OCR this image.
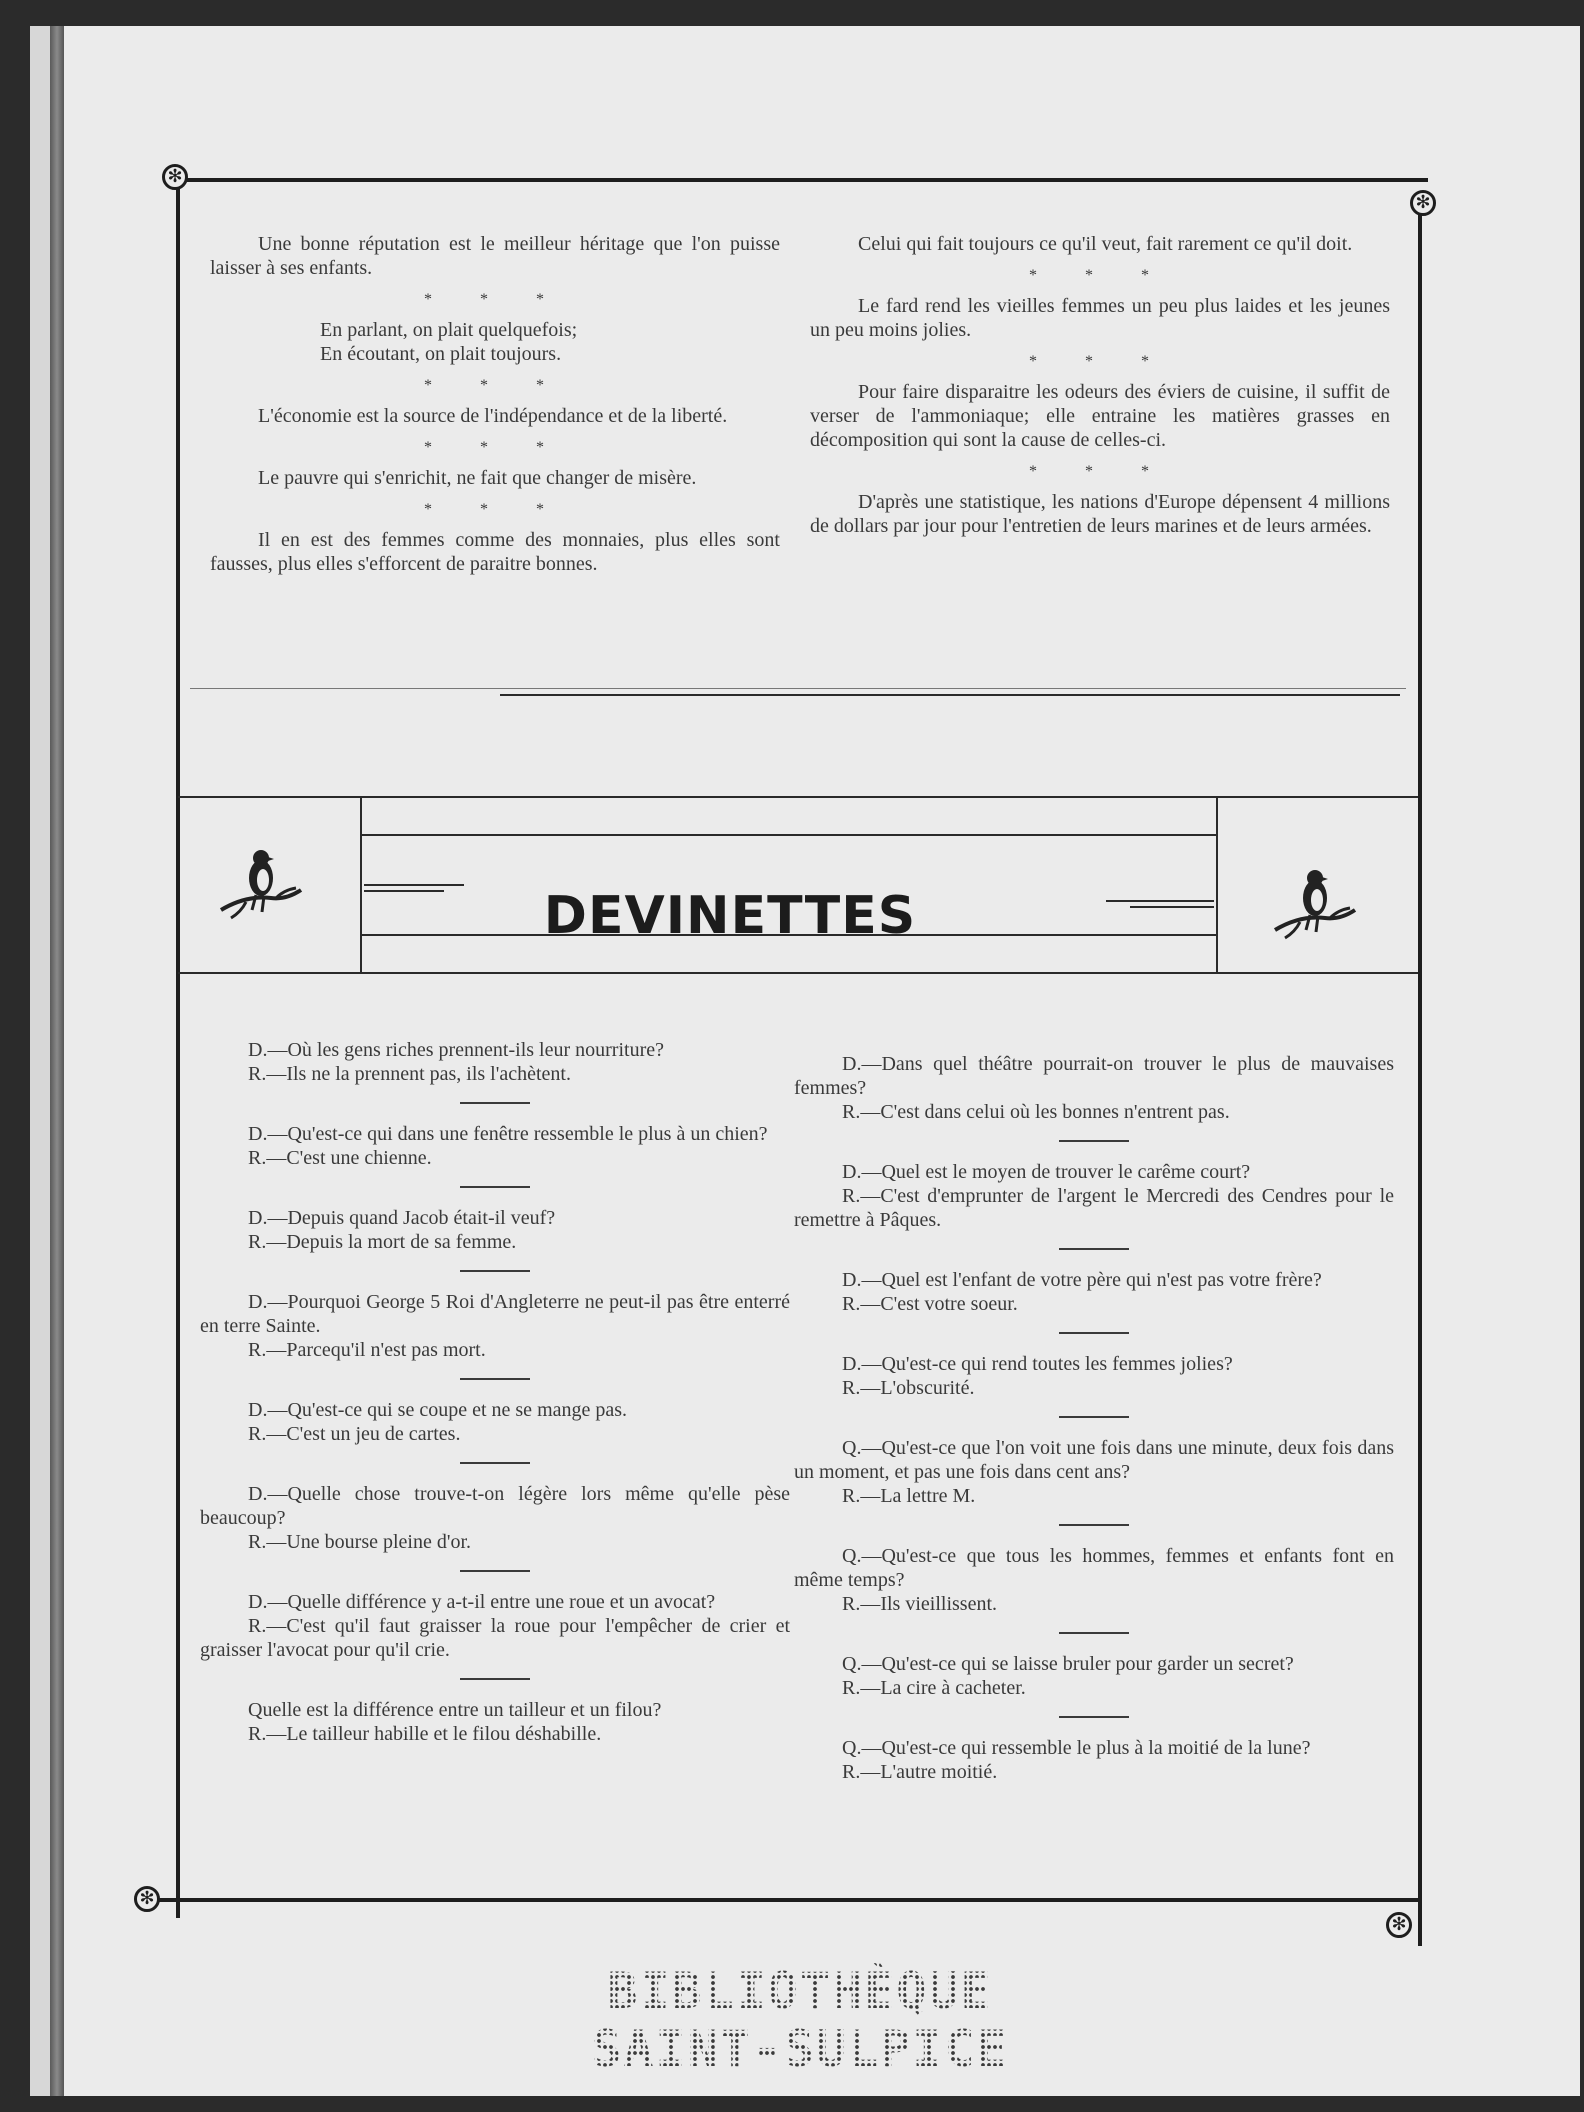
✻
✻
✻
✻

Une bonne réputation est le meilleur héritage que l'on puisse laisser à ses enfants.

* * *
En parlant, on plait quelquefois;
En écoutant, on plait toujours.
* * *

L'économie est la source de l'indépendance et de la liberté.

* * *

Le pauvre qui s'enrichit, ne fait que changer de misère.

* * *

Il en est des femmes comme des monnaies, plus elles sont fausses, plus elles s'efforcent de paraitre bonnes.

Celui qui fait toujours ce qu'il veut, fait rarement ce qu'il doit.

* * *

Le fard rend les vieilles femmes un peu plus laides et les jeunes un peu moins jolies.

* * *

Pour faire disparaitre les odeurs des éviers de cuisine, il suffit de verser de l'ammoniaque; elle entraine les matières grasses en décomposition qui sont la cause de celles-ci.

* * *

D'après une statistique, les nations d'Europe dépensent 4 millions de dollars par jour pour l'entretien de leurs marines et de leurs armées.

DEVINETTES

D.—Où les gens riches prennent-ils leur nourriture?

R.—Ils ne la prennent pas, ils l'achètent.

D.—Qu'est-ce qui dans une fenêtre ressemble le plus à un chien?

R.—C'est une chienne.

D.—Depuis quand Jacob était-il veuf?

R.—Depuis la mort de sa femme.

D.—Pourquoi George 5 Roi d'Angleterre ne peut-il pas être enterré en terre Sainte.

R.—Parcequ'il n'est pas mort.

D.—Qu'est-ce qui se coupe et ne se mange pas.

R.—C'est un jeu de cartes.

D.—Quelle chose trouve-t-on légère lors même qu'elle pèse beaucoup?

R.—Une bourse pleine d'or.

D.—Quelle différence y a-t-il entre une roue et un avocat?

R.—C'est qu'il faut graisser la roue pour l'empêcher de crier et graisser l'avocat pour qu'il crie.

Quelle est la différence entre un tailleur et un filou?

R.—Le tailleur habille et le filou déshabille.

D.—Dans quel théâtre pourrait-on trouver le plus de mauvaises femmes?

R.—C'est dans celui où les bonnes n'entrent pas.

D.—Quel est le moyen de trouver le carême court?

R.—C'est d'emprunter de l'argent le Mercredi des Cendres pour le remettre à Pâques.

D.—Quel est l'enfant de votre père qui n'est pas votre frère?

R.—C'est votre soeur.

D.—Qu'est-ce qui rend toutes les femmes jolies?

R.—L'obscurité.

Q.—Qu'est-ce que l'on voit une fois dans une minute, deux fois dans un moment, et pas une fois dans cent ans?

R.—La lettre M.

Q.—Qu'est-ce que tous les hommes, femmes et enfants font en même temps?

R.—Ils vieillissent.

Q.—Qu'est-ce qui se laisse bruler pour garder un secret?

R.—La cire à cacheter.

Q.—Qu'est-ce qui ressemble le plus à la moitié de la lune?

R.—L'autre moitié.

BIBLIOTHÈQUE
SAINT-SULPICE
